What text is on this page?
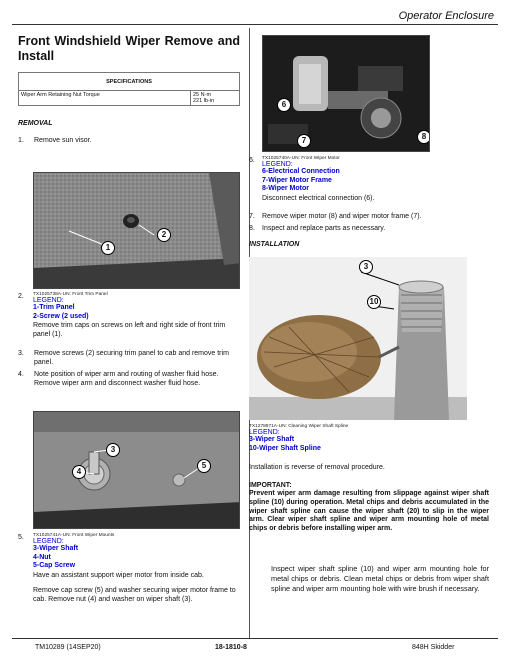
Operator Enclosure
Front Windshield Wiper Remove and Install
SPECIFICATIONS
Wiper Arm Retaining Nut Torque	25 N·m
221 lb-in
REMOVAL
1. Remove sun visor.
2
1
2. TX1025738A-UN: Front Trim Panel
LEGEND:
1-Trim Panel
2-Screw (2 used)
Remove trim caps on screws on left and right side of front trim panel (1).
3. Remove screws (2) securing trim panel to cab and remove trim panel.
4. Note position of wiper arm and routing of washer fluid hose. Remove wiper arm and disconnect washer fluid hose.
3
4
5
5. TX1025741A-UN: Front Wiper Mounts
LEGEND:
3-Wiper Shaft
4-Nut
5-Cap Screw
Have an assistant support wiper motor from inside cab.
Remove cap screw (5) and washer securing wiper motor frame to cab. Remove nut (4) and washer on wiper shaft (3).
6
7	8
6. TX1025740A-UN: Front Wiper Motor
LEGEND:
6-Electrical Connection
7-Wiper Motor Frame
8-Wiper Motor
Disconnect electrical connection (6).
7. Remove wiper motor (8) and wiper motor frame (7).
8. Inspect and replace parts as necessary.
INSTALLATION
3
10
TX1278971A-UN: Cleaning Wiper Shaft Spline
LEGEND:
3-Wiper Shaft
10-Wiper Shaft Spline
Installation is reverse of removal procedure.
IMPORTANT:
Prevent wiper arm damage resulting from slippage against wiper shaft spline (10) during operation. Metal chips and debris accumulated in the wiper shaft spline can cause the wiper shaft (20) to slip in the wiper arm. Clear wiper shaft spline and wiper arm mounting hole of metal chips or debris before installing wiper arm.
Inspect wiper shaft spline (10) and wiper arm mounting hole for metal chips or debris. Clean metal chips or debris from wiper shaft spline and wiper arm mounting hole with wire brush if necessary.
TM10289 (14SEP20)	18-1810-8	848H Skidder
